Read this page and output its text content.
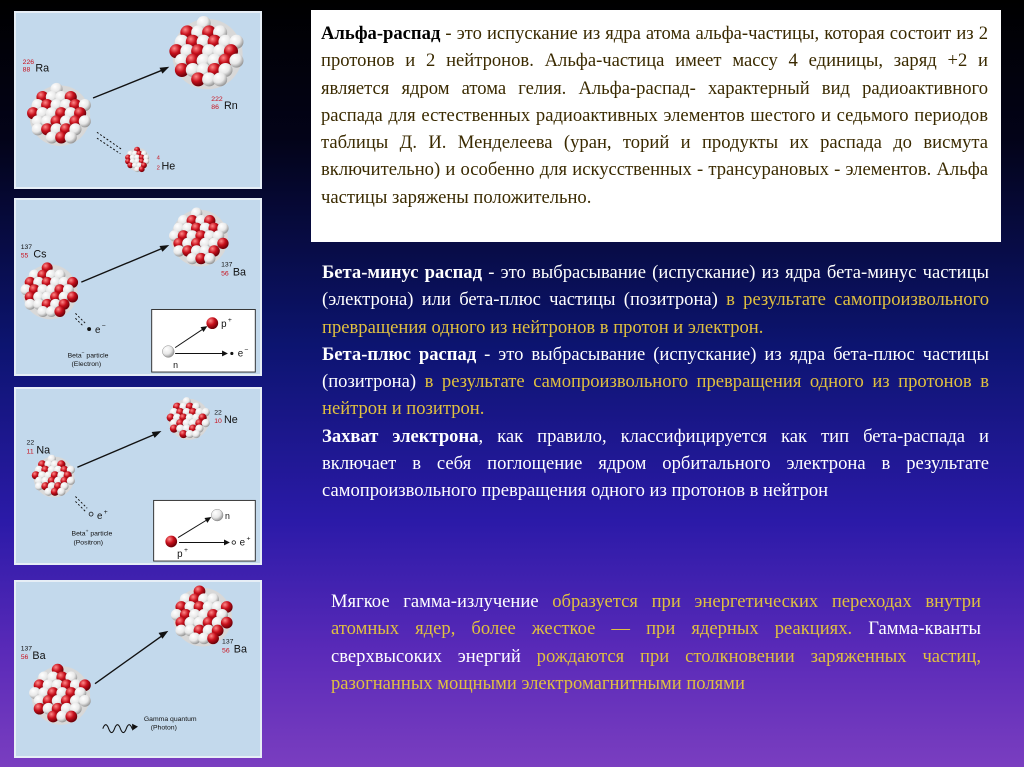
226
88 Ra
222
86 Rn
4
2 He
137
55 Cs
137
56 Ba
e −
Beta− particle
(Electron)
p +
n
e −
22
11 Na
22
10 Ne
e +
Beta+ particle
(Positron)
n
p +
e +
137
56 Ba
137
56 Ba
Gamma quantum
(Photon)

Альфа-распад - это испускание из ядра атома альфа-частицы, которая состоит из 2 протонов и 2 нейтронов. Альфа-частица имеет массу 4 единицы, заряд +2 и является ядром атома гелия. Альфа-распад- характерный вид радиоактивного распада для естественных радиоактивных элементов шестого и седьмого периодов таблицы Д. И. Менделеева (уран, торий и продукты их распада до висмута включительно) и особенно для искусственных - трансурановых - элементов. Альфа частицы заряжены положительно.

Бета-минус распад - это выбрасывание (испускание) из ядра бета-минус частицы (электрона) или бета-плюс частицы (позитрона) в результате самопроизвольного превращения одного из нейтронов в протон и электрон.

Бета-плюс распад - это выбрасывание (испускание) из ядра бета-плюс частицы (позитрона) в результате самопроизвольного превращения одного из протонов в нейтрон и позитрон.

Захват электрона, как правило, классифицируется как тип бета-распада и включает в себя поглощение ядром орбитального электрона в результате самопроизвольного превращения одного из протонов в нейтрон

Мягкое гамма-излучение образуется при энергетических переходах внутри атомных ядер, более жесткое — при ядерных реакциях. Гамма-кванты сверхвысоких энергий рождаются при столкновении заряженных частиц, разогнанных мощными электромагнитными полями
